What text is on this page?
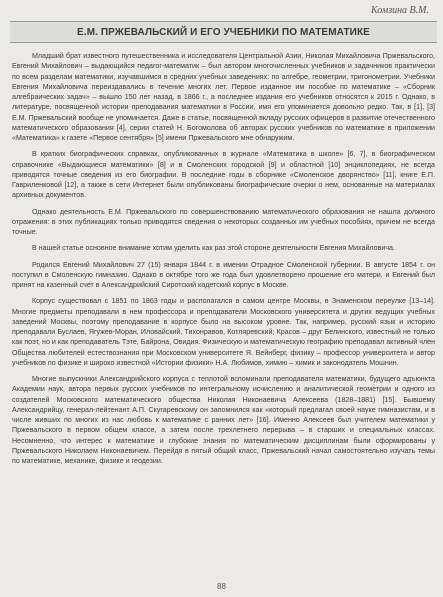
Комзина В.М.
Е.М. ПРЖЕВАЛЬСКИЙ И ЕГО УЧЕБНИКИ ПО МАТЕМАТИКЕ

Младший брат известного путешественника и исследователя Центральной Азии, Николая Михайловича Пржевальского, Евгений Михайлович – выдающийся педагог-математик – был автором многочисленных учебников и задачников практически по всем разделам математики, изучавшимся в средних учебных заведениях: по алгебре, геометрии, тригонометрии. Учебники Евгения Михайловича переиздавались в течение многих лет. Первое изданное им пособие по математике – «Сборник алгебраических задач» – вышло 150 лет назад, в 1866 г., а последнее издания его учебников относятся к 2015 г. Однако, в литературе, посвященной истории преподавания математики в России, имя его упоминается довольно редко. Так, в [1], [3] Е.М. Пржевальский вообще не упоминается. Даже в статье, посвященной вкладу русских офицеров в развитие отечественного математического образования [4], серии статей Н. Богомолова об авторах русских учебников по математике в приложении «Математика» к газете «Первое сентября» [5] имени Пржевальского мне обнаружим.

В кратких биографических справках, опубликованных в журнале «Математика в школе» [6, 7], в биографическом справочнике «Выдающиеся математики» [8] и в Смоленских городской [9] и областной [10] энциклопедиях, не всегда приводятся точные сведения из его биографии. В последние годы в сборнике «Смоленское дворянство» [11], книге Е.П. Гавриленковой [12], а также в сети Интернет были опубликованы биографические очерки о нем, основанные на материалах архивных документов.

Однако деятельность Е.М. Пржевальского по совершенствованию математического образования не нашла должного отражения: в этих публикациях только приводятся сведения о некоторых созданных им учебных пособиях, причем не всегда точные.

В нашей статье основное внимание хотим уделить как раз этой стороне деятельности Евгения Михайловича.

Родился Евгений Михайлович 27 (15) января 1844 г. в имении Отрадное Смоленской губернии. В августе 1854 г. он поступил в Смоленскую гимназию. Однако в октябре того же года был удовлетворено прошение его матери, и Евгений был принят на казенный счет в Александрийский Сиротский кадетский корпус в Москве.

Корпус существовал с 1851 по 1863 годы и располагался в самом центре Москвы, в Знаменском переулке [13–14]. Многие предметы преподавали в нем профессора и преподаватели Московского университета и других ведущих учебных заведений Москвы, поэтому преподавание в корпусе было на высоком уровне. Так, например, русский язык и историю преподавали Буслаев, Ягужев-Моран, Иловайский, Тихонравов, Котляревский; Красов – друг Белинского, известный не только как поэт, но и как преподаватель Тэте, Байрона, Овидия. Физическую и математическую географию преподавал активный член Общества любителей естествознания при Московском университете Я. Вейнберг, физику – профессор университета и автор учебников по физике и широко известной «Истории физики» Н.А. Любимов, химию – химик и законодатель Мошнин.

Многие выпускники Александрийского корпуса с теплотой вспоминали преподавателя математики, будущего адъюнкта Академии наук, автора первых русских учебников по интегральному исчислению и аналитической геометрии и одного из создателей Московского математического общества Николая Никонаевича Алексеева (1828–1881) [15]. Бывшему Александрийцу, генерал-лейтенант А.П. Скугаревскому он запомнился как «который предлагал своей науке гимназистам, и в числе живших по многих из нас любовь к математике с ранних лет» [16]. Именно Алексеев был учителем математики у Пржевальского в первом общем классе, а затем после трехлетнего перерыва – в старших и специальных классах. Несомненно, что интерес к математике и глубокие знания по математическим дисциплинам были сформированы у Пржевальского Николаем Никонаевичем. Перейдя в пятый общий класс, Пржевальский начал самостоятельно изучать темы по математике, механике, физике и геодезии.

88
